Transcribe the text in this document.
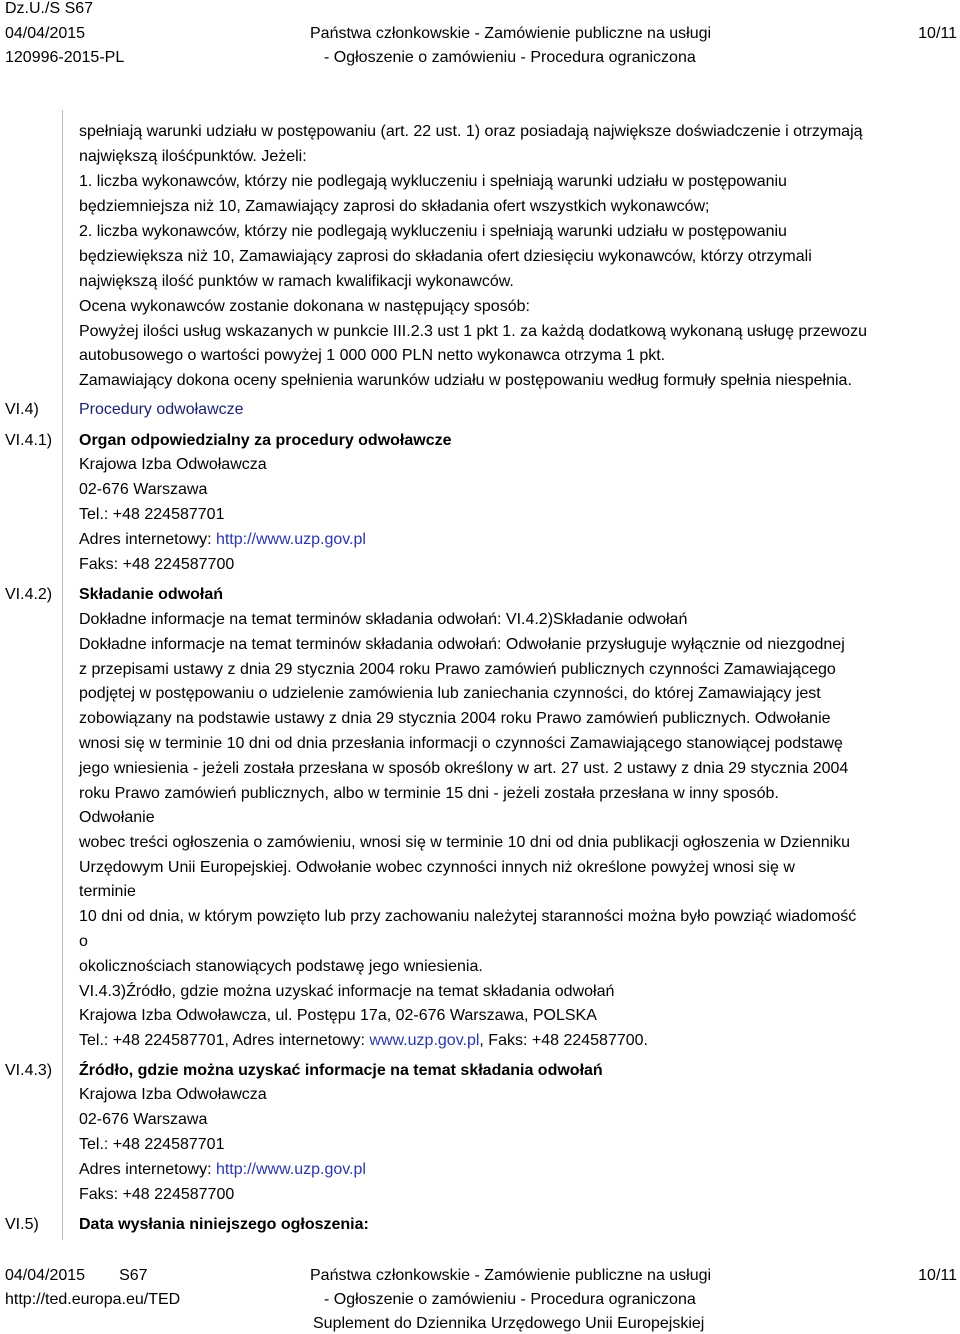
Dz.U./S S67
04/04/2015
120996-2015-PL
Państwa członkowskie - Zamówienie publiczne na usługi
- Ogłoszenie o zamówieniu - Procedura ograniczona
10/11
spełniają warunki udziału w postępowaniu (art. 22 ust. 1) oraz posiadają największe doświadczenie i otrzymają
największą ilośćpunktów. Jeżeli:
1. liczba wykonawców, którzy nie podlegają wykluczeniu i spełniają warunki udziału w postępowaniu
będziemniejsza niż 10, Zamawiający zaprosi do składania ofert wszystkich wykonawców;
2. liczba wykonawców, którzy nie podlegają wykluczeniu i spełniają warunki udziału w postępowaniu
będziewiększa niż 10, Zamawiający zaprosi do składania ofert dziesięciu wykonawców, którzy otrzymali
największą ilość punktów w ramach kwalifikacji wykonawców.
Ocena wykonawców zostanie dokonana w następujący sposób:
Powyżej ilości usług wskazanych w punkcie III.2.3 ust 1 pkt 1. za każdą dodatkową wykonaną usługę przewozu
autobusowego o wartości powyżej 1 000 000 PLN netto wykonawca otrzyma 1 pkt.
Zamawiający dokona oceny spełnienia warunków udziału w postępowaniu według formuły spełnia niespełnia.
VI.4)	Procedury odwoławcze
VI.4.1) Organ odpowiedzialny za procedury odwoławcze
Krajowa Izba Odwoławcza
02-676 Warszawa
Tel.: +48 224587701
Adres internetowy: http://www.uzp.gov.pl
Faks: +48 224587700
VI.4.2) Składanie odwołań
Dokładne informacje na temat terminów składania odwołań: VI.4.2)Składanie odwołań
Dokładne informacje na temat terminów składania odwołań: Odwołanie przysługuje wyłącznie od niezgodnej
z przepisami ustawy z dnia 29 stycznia 2004 roku Prawo zamówień publicznych czynności Zamawiającego
podjętej w postępowaniu o udzielenie zamówienia lub zaniechania czynności, do której Zamawiający jest
zobowiązany na podstawie ustawy z dnia 29 stycznia 2004 roku Prawo zamówień publicznych. Odwołanie
wnosi się w terminie 10 dni od dnia przesłania informacji o czynności Zamawiającego stanowiącej podstawę
jego wniesienia - jeżeli została przesłana w sposób określony w art. 27 ust. 2 ustawy z dnia 29 stycznia 2004
roku Prawo zamówień publicznych, albo w terminie 15 dni - jeżeli została przesłana w inny sposób.
Odwołanie
wobec treści ogłoszenia o zamówieniu, wnosi się w terminie 10 dni od dnia publikacji ogłoszenia w Dzienniku
Urzędowym Unii Europejskiej. Odwołanie wobec czynności innych niż określone powyżej wnosi się w
terminie
10 dni od dnia, w którym powzięto lub przy zachowaniu należytej staranności można było powziąć wiadomość
o
okolicznościach stanowiących podstawę jego wniesienia.
VI.4.3)Źródło, gdzie można uzyskać informacje na temat składania odwołań
Krajowa Izba Odwoławcza, ul. Postępu 17a, 02-676 Warszawa, POLSKA
Tel.: +48 224587701, Adres internetowy: www.uzp.gov.pl, Faks: +48 224587700.
VI.4.3) Źródło, gdzie można uzyskać informacje na temat składania odwołań
Krajowa Izba Odwoławcza
02-676 Warszawa
Tel.: +48 224587701
Adres internetowy: http://www.uzp.gov.pl
Faks: +48 224587700
VI.5)	Data wysłania niniejszego ogłoszenia:
04/04/2015 S67
http://ted.europa.eu/TED
Państwa członkowskie - Zamówienie publiczne na usługi
- Ogłoszenie o zamówieniu - Procedura ograniczona
Suplement do Dziennika Urzędowego Unii Europejskiej
10/11
